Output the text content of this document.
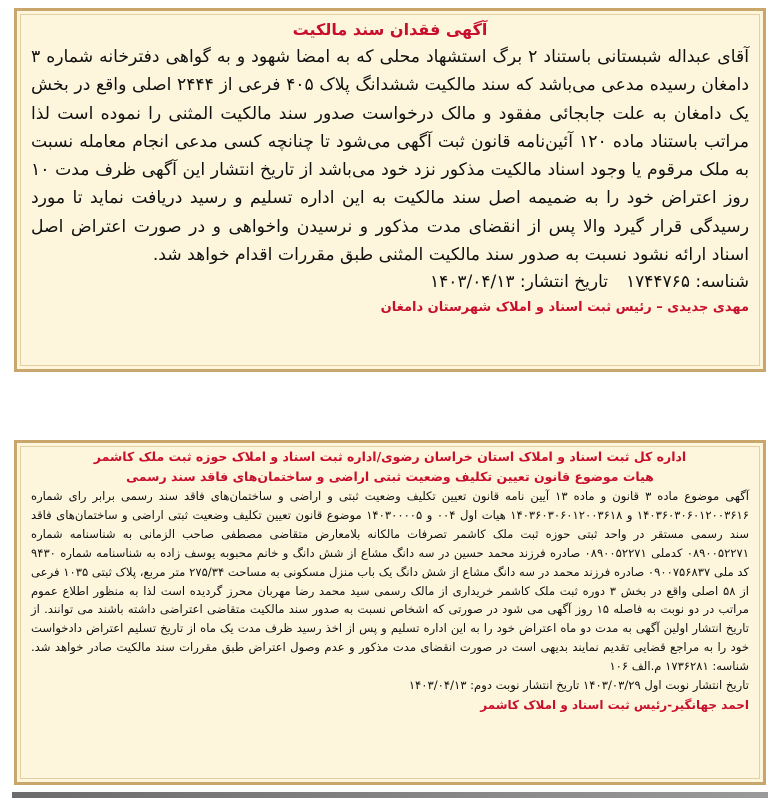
آگهی فقدان سند مالکیت

آقای عبداله شبستانی باستناد ۲ برگ استشهاد محلی که به امضا شهود و به گواهی دفترخانه شماره ۳ دامغان رسیده مدعی می‌باشد که سند مالکیت ششدانگ پلاک ۴۰۵ فرعی از ۲۴۴۴ اصلی واقع در بخش یک دامغان به علت جابجائی مفقود و مالک درخواست صدور سند مالکیت المثنی را نموده است لذا مراتب باستناد ماده ۱۲۰ آئین‌نامه قانون ثبت آگهی می‌شود تا چنانچه کسی مدعی انجام معامله نسبت به ملک مرقوم یا وجود اسناد مالکیت مذکور نزد خود می‌باشد از تاریخ انتشار این آگهی ظرف مدت ۱۰ روز اعتراض خود را به ضمیمه اصل سند مالکیت به این اداره تسلیم و رسید دریافت نماید تا مورد رسیدگی قرار گیرد والا پس از انقضای مدت مذکور و نرسیدن واخواهی و در صورت اعتراض اصل اسناد ارائه نشود نسبت به صدور سند مالکیت المثنی طبق مقررات اقدام خواهد شد.

شناسه: ۱۷۴۴۷۶۵تاریخ انتشار: ۱۴۰۳/۰۴/۱۳

مهدی جدیدی – رئیس ثبت اسناد و املاک شهرستان دامغان

اداره کل ثبت اسناد و املاک استان خراسان رضوی/اداره ثبت اسناد و املاک حوزه ثبت ملک کاشمر

هیات موضوع قانون تعیین تکلیف وضعیت ثبتی اراضی و ساختمان‌های فاقد سند رسمی

آگهی موضوع ماده ۳ قانون و ماده ۱۳ آیین نامه قانون تعیین تکلیف وضعیت ثبتی و اراضی و ساختمان‌های فاقد سند رسمی برابر رای شماره ۱۴۰۳۶۰۳۰۶۰۱۲۰۰۳۶۱۶ و ۱۴۰۳۶۰۳۰۶۰۱۲۰۰۳۶۱۸ هیات اول ۰۰۴ و ۱۴۰۳۰۰۰۰۵ موضوع قانون تعیین تکلیف وضعیت ثبتی اراضی و ساختمان‌های فاقد سند رسمی مستقر در واحد ثبتی حوزه ثبت ملک کاشمر تصرفات مالکانه بلامعارض متقاضی مصطفی صاحب الزمانی به شناسنامه شماره ۰۸۹۰۰۵۲۲۷۱ کدملی ۰۸۹۰۰۵۲۲۷۱ صادره فرزند محمد حسین در سه دانگ مشاع از شش دانگ و خانم محبوبه یوسف زاده به شناسنامه شماره ۹۴۳۰ کد ملی ۰۹۰۰۷۵۶۸۳۷ صادره فرزند محمد در سه دانگ مشاع از شش دانگ یک باب منزل مسکونی به مساحت ۲۷۵/۳۴ متر مربع، پلاک ثبتی ۱۰۳۵ فرعی از ۵۸ اصلی واقع در بخش ۳ دوره ثبت ملک کاشمر خریداری از مالک رسمی سید محمد رضا مهربان محرز گردیده است لذا به منظور اطلاع عموم مراتب در دو نوبت به فاصله ۱۵ روز آگهی می شود در صورتی که اشخاص نسبت به صدور سند مالکیت متقاضی اعتراضی داشته باشند می توانند. از تاریخ انتشار اولین آگهی به مدت دو ماه اعتراض خود را به این اداره تسلیم و پس از اخذ رسید ظرف مدت یک ماه از تاریخ تسلیم اعتراض دادخواست خود را به مراجع قضایی تقدیم نمایند بدیهی است در صورت انقضای مدت مذکور و عدم وصول اعتراض طبق مقررات سند مالکیت صادر خواهد شد. شناسه: ۱۷۳۶۲۸۱ م.الف ۱۰۶

تاریخ انتشار نوبت اول ۱۴۰۳/۰۳/۲۹ تاریخ انتشار نوبت دوم: ۱۴۰۳/۰۴/۱۳

احمد جهانگیر-رئیس ثبت اسناد و املاک کاشمر
